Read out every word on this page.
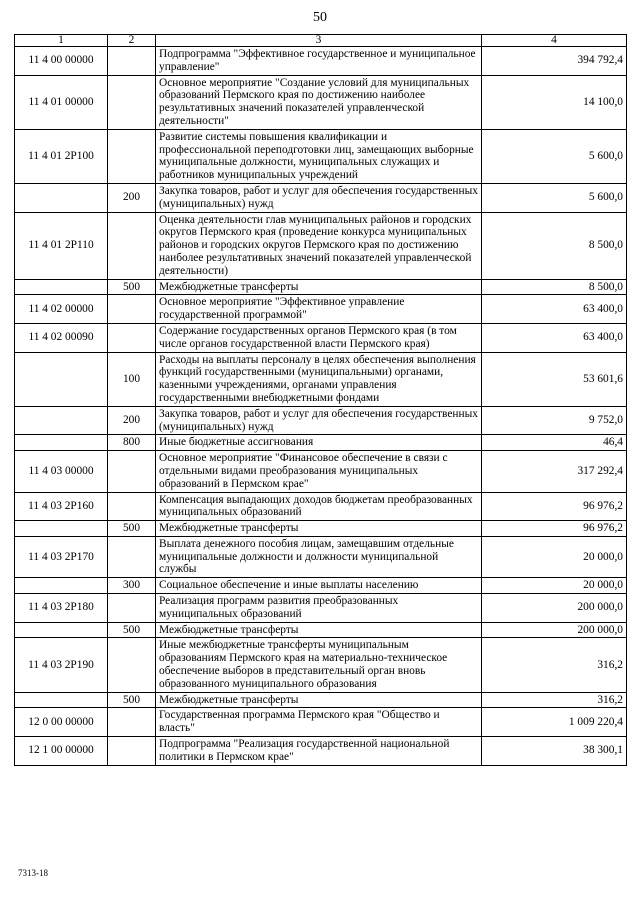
50
1	2	3	4
11 4 00 00000		Подпрограмма "Эффективное государственное и муниципальное управление"	394 792,4
11 4 01 00000		Основное мероприятие "Создание условий для муниципальных образований Пермского края по достижению наиболее результативных значений показателей управленческой деятельности"	14 100,0
11 4 01 2Р100		Развитие системы повышения квалификации и профессиональной переподготовки лиц, замещающих выборные муниципальные должности, муниципальных служащих и работников муниципальных учреждений	5 600,0
	200	Закупка товаров, работ и услуг для обеспечения государственных (муниципальных) нужд	5 600,0
11 4 01 2Р110		Оценка деятельности глав муниципальных районов и городских округов Пермского края (проведение конкурса муниципальных районов и городских округов Пермского края по достижению наиболее результативных значений показателей управленческой деятельности)	8 500,0
	500	Межбюджетные трансферты	8 500,0
11 4 02 00000		Основное мероприятие "Эффективное управление государственной программой"	63 400,0
11 4 02 00090		Содержание государственных органов Пермского края (в том числе органов государственной власти Пермского края)	63 400,0
	100	Расходы на выплаты персоналу в целях обеспечения выполнения функций государственными (муниципальными) органами, казенными учреждениями, органами управления государственными внебюджетными фондами	53 601,6
	200	Закупка товаров, работ и услуг для обеспечения государственных (муниципальных) нужд	9 752,0
	800	Иные бюджетные ассигнования	46,4
11 4 03 00000		Основное мероприятие "Финансовое обеспечение в связи с отдельными видами преобразования муниципальных образований в Пермском крае"	317 292,4
11 4 03 2Р160		Компенсация выпадающих доходов бюджетам преобразованных муниципальных образований	96 976,2
	500	Межбюджетные трансферты	96 976,2
11 4 03 2Р170		Выплата денежного пособия лицам, замещавшим отдельные муниципальные должности и должности муниципальной службы	20 000,0
	300	Социальное обеспечение и иные выплаты населению	20 000,0
11 4 03 2Р180		Реализация программ развития преобразованных муниципальных образований	200 000,0
	500	Межбюджетные трансферты	200 000,0
11 4 03 2Р190		Иные межбюджетные трансферты муниципальным образованиям Пермского края на материально-техническое обеспечение выборов в представительный орган вновь образованного муниципального образования	316,2
	500	Межбюджетные трансферты	316,2
12 0 00 00000		Государственная программа Пермского края "Общество и власть"	1 009 220,4
12 1 00 00000		Подпрограмма "Реализация государственной национальной политики в Пермском крае"	38 300,1
7313-18
